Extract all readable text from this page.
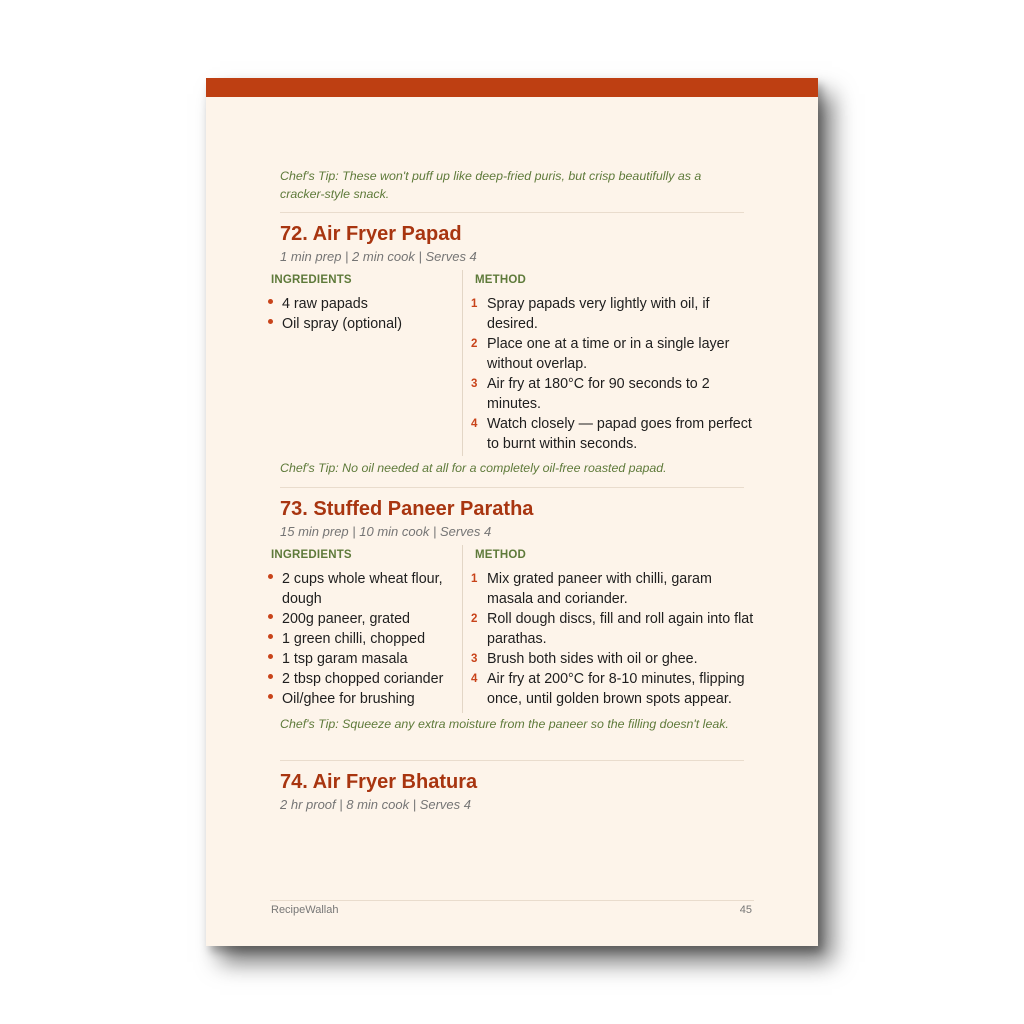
Chef's Tip: These won't puff up like deep-fried puris, but crisp beautifully as a cracker-style snack.
72. Air Fryer Papad
1 min prep | 2 min cook | Serves 4
INGREDIENTS	METHOD
4 raw papads
Oil spray (optional)
1 Spray papads very lightly with oil, if desired.
2 Place one at a time or in a single layer without overlap.
3 Air fry at 180°C for 90 seconds to 2 minutes.
4 Watch closely — papad goes from perfect to burnt within seconds.
Chef's Tip: No oil needed at all for a completely oil-free roasted papad.
73. Stuffed Paneer Paratha
15 min prep | 10 min cook | Serves 4
INGREDIENTS	METHOD
2 cups whole wheat flour, dough
200g paneer, grated
1 green chilli, chopped
1 tsp garam masala
2 tbsp chopped coriander
Oil/ghee for brushing
1 Mix grated paneer with chilli, garam masala and coriander.
2 Roll dough discs, fill and roll again into flat parathas.
3 Brush both sides with oil or ghee.
4 Air fry at 200°C for 8-10 minutes, flipping once, until golden brown spots appear.
Chef's Tip: Squeeze any extra moisture from the paneer so the filling doesn't leak.
74. Air Fryer Bhatura
2 hr proof | 8 min cook | Serves 4
RecipeWallah	45
